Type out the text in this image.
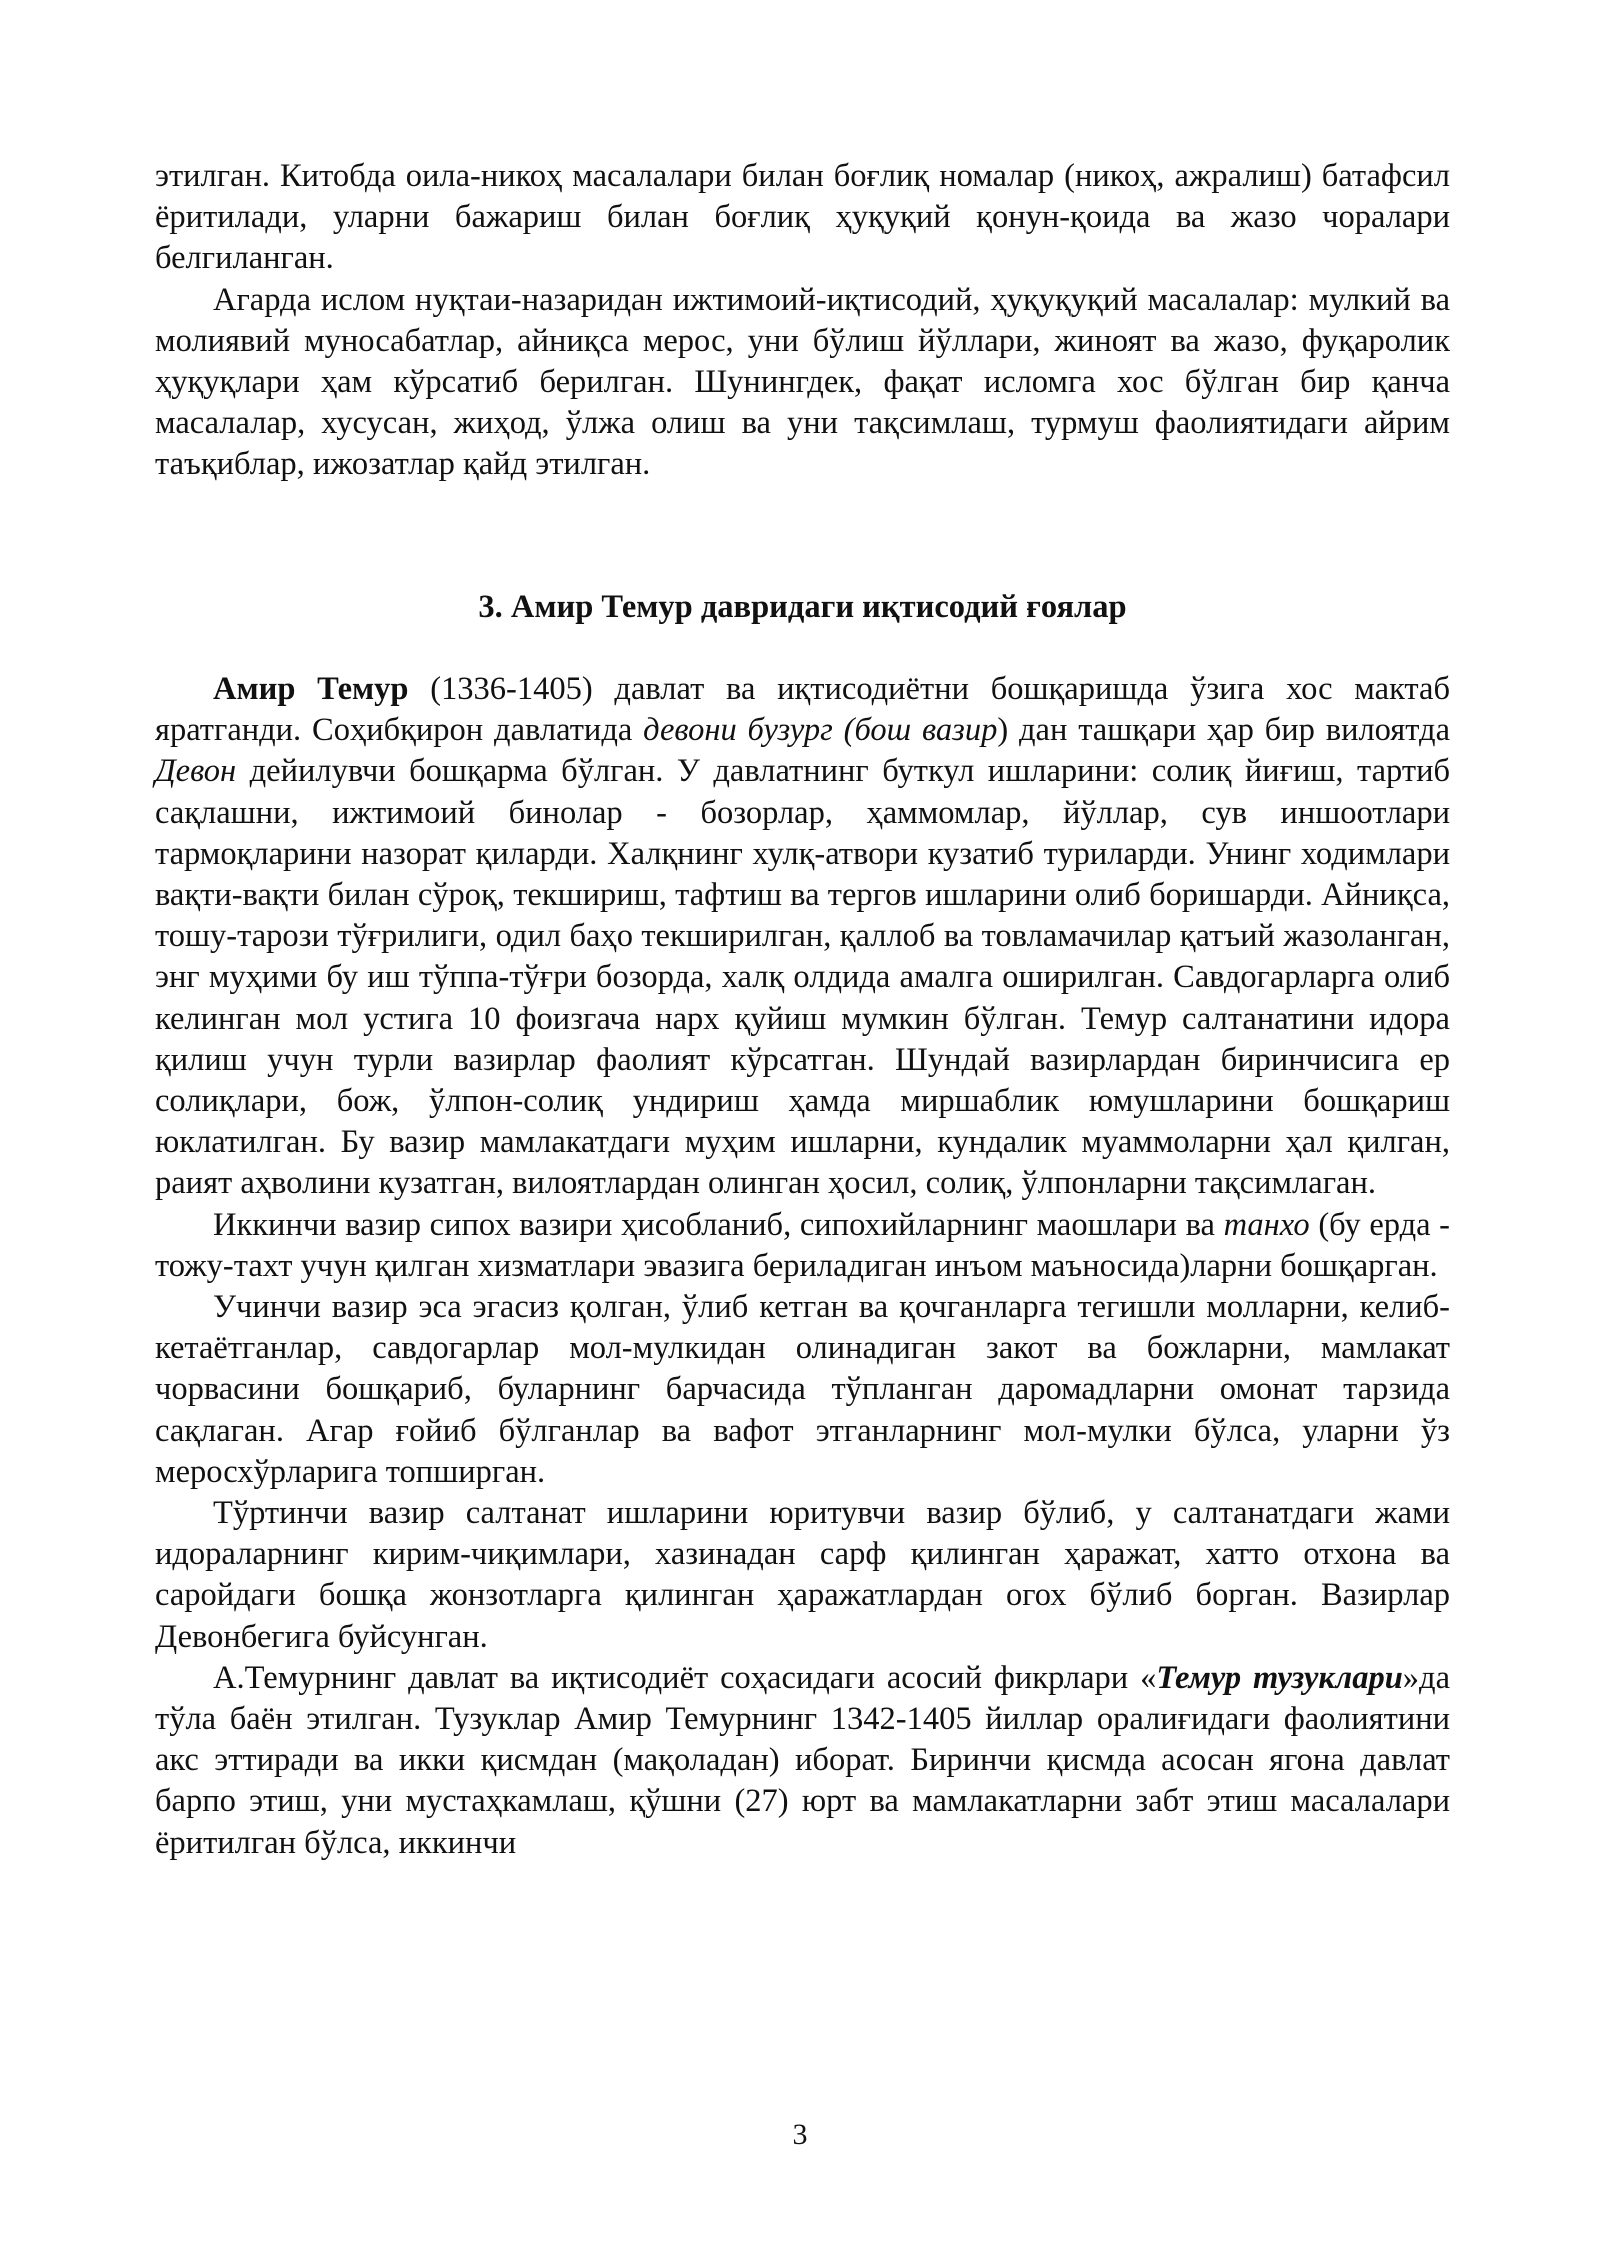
этилган. Китобда оила-никоҳ масалалари билан боғлиқ номалар (никоҳ, ажралиш) батафсил ёритилади, уларни бажариш билан боғлиқ ҳуқуқий қонун-қоида ва жазо чоралари белгиланган.

Агарда ислом нуқтаи-назаридан ижтимоий-иқтисодий, ҳуқуқуқий масалалар: мулкий ва молиявий муносабатлар, айниқса мерос, уни бўлиш йўллари, жиноят ва жазо, фуқаролик ҳуқуқлари ҳам кўрсатиб берилган. Шунингдек, фақат исломга хос бўлган бир қанча масалалар, хусусан, жиҳод, ўлжа олиш ва уни тақсимлаш, турмуш фаолиятидаги айрим таъқиблар, ижозатлар қайд этилган.

3. Амир Темур давридаги иқтисодий ғоялар

Амир Темур (1336-1405) давлат ва иқтисодиётни бошқаришда ўзига хос мактаб яратганди. Соҳибқирон давлатида девони бузург (бош вазир) дан ташқари ҳар бир вилоятда Девон дейилувчи бошқарма бўлган. У давлатнинг буткул ишларини: солиқ йиғиш, тартиб сақлашни, ижтимоий бинолар - бозорлар, ҳаммомлар, йўллар, сув иншоотлари тармоқларини назорат қиларди. Халқнинг хулқ-атвори кузатиб туриларди. Унинг ходимлари вақти-вақти билан сўроқ, текшириш, тафтиш ва тергов ишларини олиб боришарди. Айниқса, тошу-тарози тўғрилиги, одил баҳо текширилган, қаллоб ва товламачилар қатъий жазоланган, энг муҳими бу иш тўппа-тўғри бозорда, халқ олдида амалга оширилган. Савдогарларга олиб келинган мол устига 10 фоизгача нарх қуйиш мумкин бўлган. Темур салтанатини идора қилиш учун турли вазирлар фаолият кўрсатган. Шундай вазирлардан биринчисига ер солиқлари, бож, ўлпон-солиқ ундириш ҳамда миршаблик юмушларини бошқариш юклатилган. Бу вазир мамлакатдаги муҳим ишларни, кундалик муаммоларни ҳал қилган, раият аҳволини кузатган, вилоятлардан олинган ҳосил, солиқ, ўлпонларни тақсимлаган.

Иккинчи вазир сипох вазири ҳисобланиб, сипохийларнинг маошлари ва танхо (бу ерда - тожу-тахт учун қилган хизматлари эвазига бериладиган инъом маъносида)ларни бошқарган.

Учинчи вазир эса эгасиз қолган, ўлиб кетган ва қочганларга тегишли молларни, келиб-кетаётганлар, савдогарлар мол-мулкидан олинадиган закот ва божларни, мамлакат чорвасини бошқариб, буларнинг барчасида тўпланган даромадларни омонат тарзида сақлаган. Агар ғойиб бўлганлар ва вафот этганларнинг мол-мулки бўлса, уларни ўз меросхўрларига топширган.

Тўртинчи вазир салтанат ишларини юритувчи вазир бўлиб, у салтанатдаги жами идораларнинг кирим-чиқимлари, хазинадан сарф қилинган ҳаражат, хатто отхона ва саройдаги бошқа жонзотларга қилинган ҳаражатлардан огох бўлиб борган. Вазирлар Девонбегига буйсунган.

А.Темурнинг давлат ва иқтисодиёт соҳасидаги асосий фикрлари «Темур тузуклари»да тўла баён этилган. Тузуклар Амир Темурнинг 1342-1405 йиллар оралиғидаги фаолиятини акс эттиради ва икки қисмдан (мақоладан) иборат. Биринчи қисмда асосан ягона давлат барпо этиш, уни мустаҳкамлаш, қўшни (27) юрт ва мамлакатларни забт этиш масалалари ёритилган бўлса, иккинчи

3
